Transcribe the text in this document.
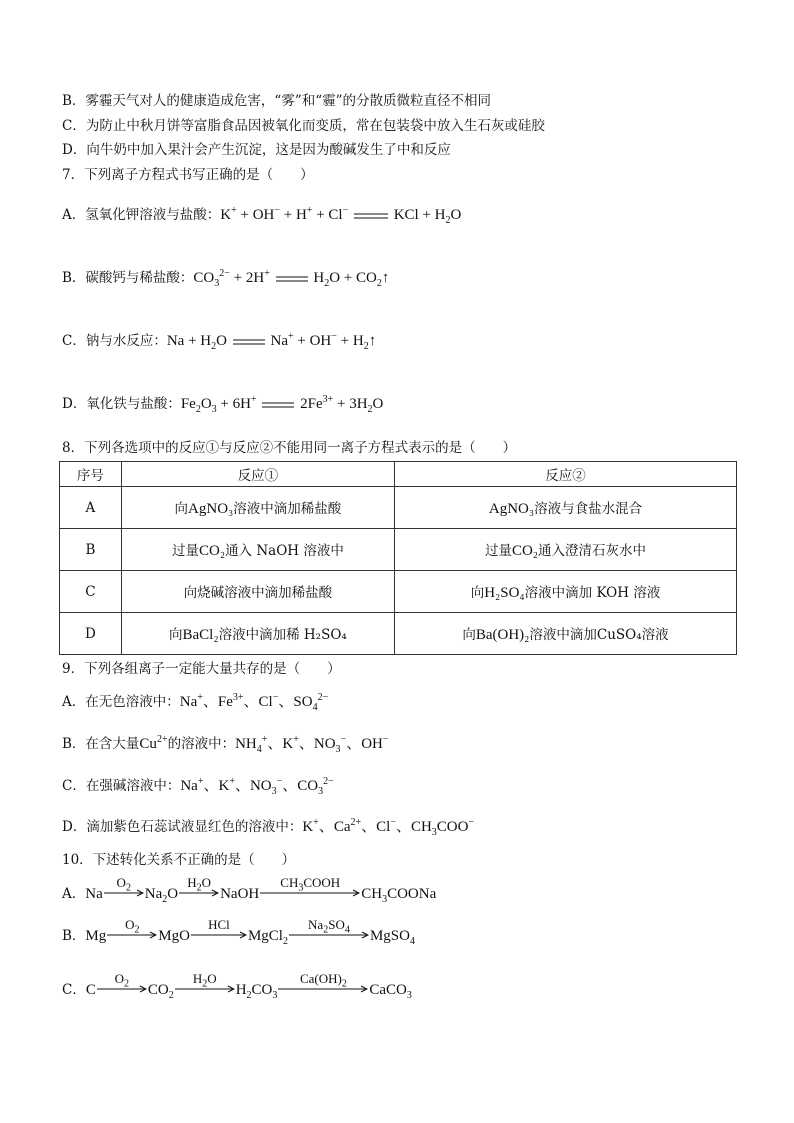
B．雾霾天气对人的健康造成危害，“雾”和“霾”的分散质微粒直径不相同
C．为防止中秋月饼等富脂食品因被氧化而变质，常在包装袋中放入生石灰或硅胶
D．向牛奶中加入果汁会产生沉淀，这是因为酸碱发生了中和反应
7．下列离子方程式书写正确的是（　　）
A．氢氧化钾溶液与盐酸：K+ + OH− + H+ + Cl−	KCl + $H_2O$
B．碳酸钙与稀盐酸：$CO_3^{2-} + 2H^+$	$H_2O$ + $CO_2↑$
C．钠与水反应：$Na + H_2O$
$Na^+ + OH^- + H_2↑$
D．氧化铁与盐酸：$Fe_2O_3 + 6H^+$	$2Fe^{3+} + 3H_2O$
8．下列各选项中的反应①与反应②不能用同一离子方程式表示的是（　　）
序号	反应①	反应②
A	向AgNO₃溶液中滴加稀盐酸	AgNO₃溶液与食盐水混合
B	过量CO₂通入 NaOH 溶液中	过量CO₂通入澄清石灰水中
C	向烧碱溶液中滴加稀盐酸	向H₂SO₄溶液中滴加 KOH 溶液
D	向BaCl₂溶液中滴加稀 H₂SO₄	向Ba(OH)₂溶液中滴加CuSO₄溶液
9．下列各组离子一定能大量共存的是（　　）
A．在无色溶液中：Na+、$Fe^{3+}$、Cl−、$SO_4^{2-}$
B．在含大量$Cu^{2+}$的溶液中：$NH_4^+$、K+、$NO_3^-$、OH−
C．在强碱溶液中：Na+、K+、$NO_3^-$、$CO_3^{2-}$
D．滴加紫色石蕊试液显红色的溶液中：K+、$Ca^{2+}$、Cl−、$CH_3COO^-$
10．下述转化关系不正确的是（　　）
A．Na
$O_2$ $Na_2O$
$H_2O$
NaOH
$CH_3COOH$
$CH_3COONa$
B．Mg
$O_2$	MgO
HCl
MgCl$_2$
$Na_2SO_4$	MgSO$_4$
C．C
$O_2$	$CO_2$
$H_2O$
$H_2CO_3$
$Ca(OH)_2$	CaCO$_3$
